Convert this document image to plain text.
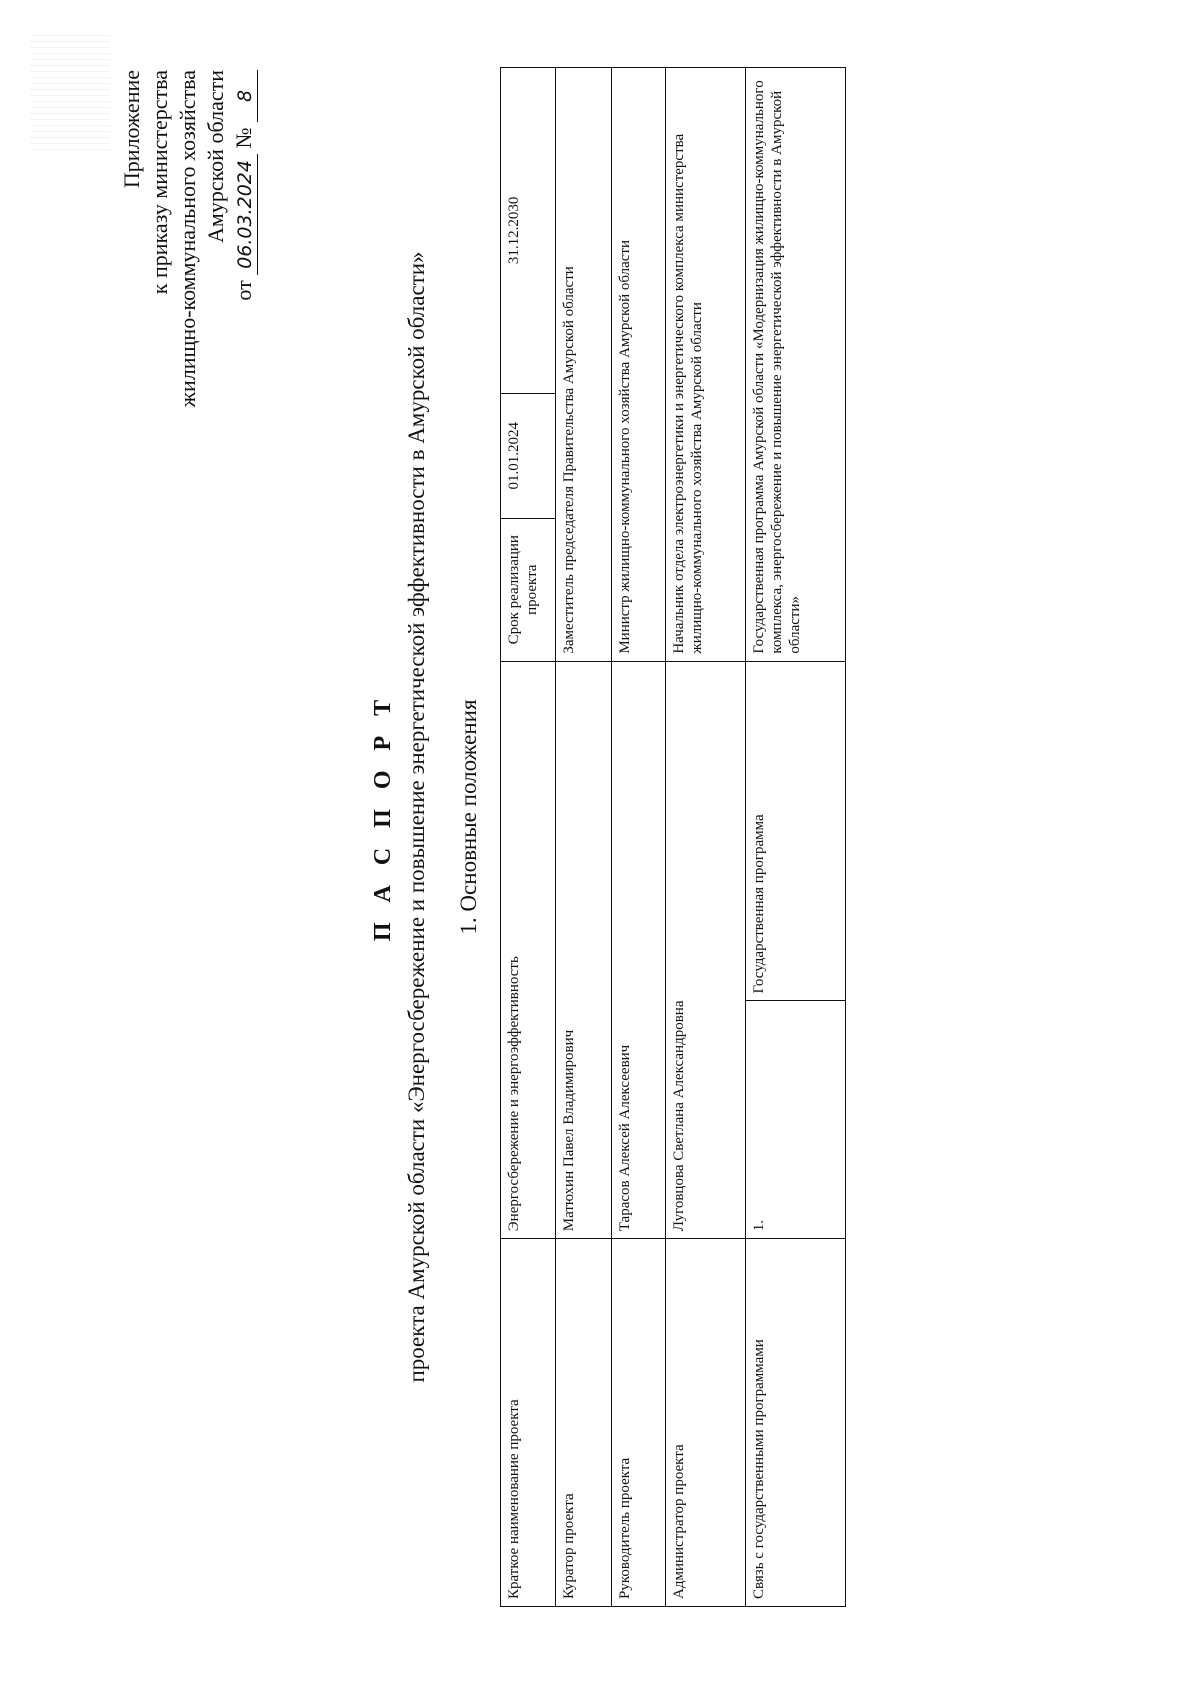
Приложение к приказу министерства жилищно-коммунального хозяйства Амурской области
от 06.03.2024 № 8
П А С П О Р Т проекта Амурской области «Энергосбережение и повышение энергетической эффективности в Амурской области» 1. Основные положения
Краткое наименование проекта	Энергосбережение и энергоэффективность		Срок реализации проекта	01.01.2024	31.12.2030
Куратор проекта	Матюхин Павел Владимирович		Заместитель председателя Правительства Амурской области		
Руководитель проекта	Тарасов Алексей Алексеевич		Министр жилищно-коммунального хозяйства Амурской области		
Администратор проекта	Луговцова Светлана Александровна		Начальник отдела электроэнергетики и энергетического комплекса министерства жилищно-коммунального хозяйства Амурской области		
Связь с государственными программами	1.	Государственная программа	Государственная программа Амурской области «Модернизация жилищно-коммунального комплекса, энергосбережение и повышение энергетической эффективности в Амурской области»		
